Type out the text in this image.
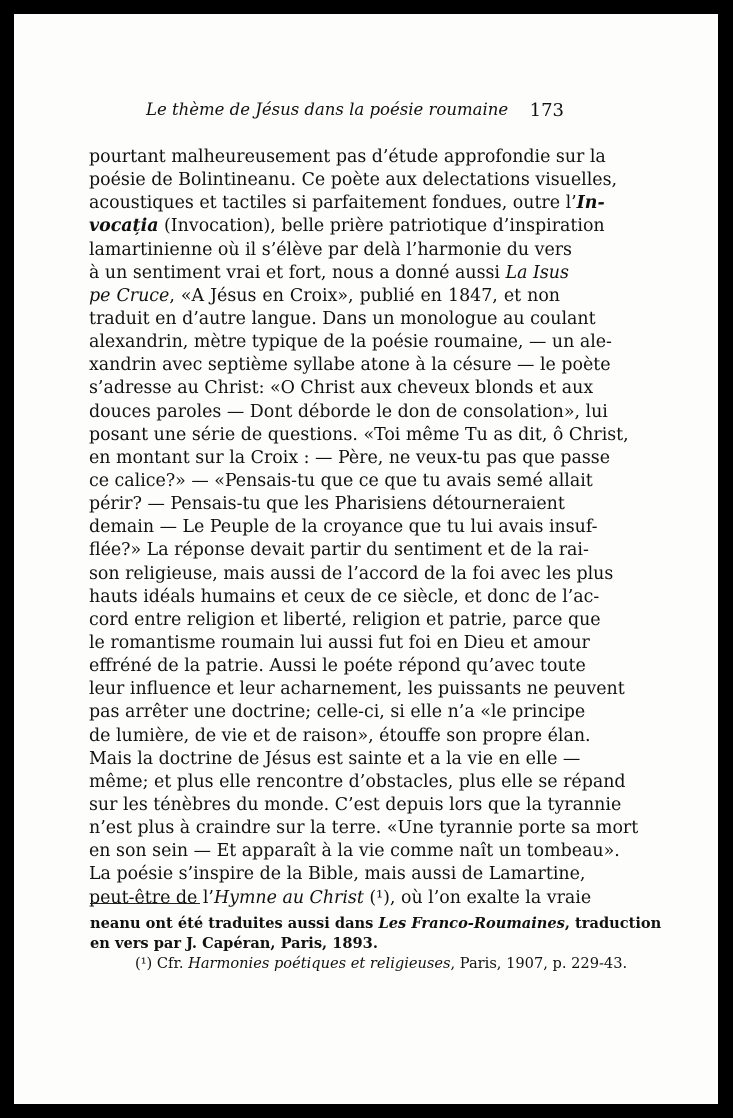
Le thème de Jésus dans la poésie roumaine 173
pourtant malheureusement pas d’étude approfondie sur la
poésie de Bolintineanu. Ce poète aux delectations visuelles,
acoustiques et tactiles si parfaitement fondues, outre l’In-
vocația (Invocation), belle prière patriotique d’inspiration
lamartinienne où il s’élève par delà l’harmonie du vers
à un sentiment vrai et fort, nous a donné aussi La Isus
pe Cruce, «A Jésus en Croix», publié en 1847, et non
traduit en d’autre langue. Dans un monologue au coulant
alexandrin, mètre typique de la poésie roumaine, — un ale-
xandrin avec septième syllabe atone à la césure — le poète
s’adresse au Christ: «O Christ aux cheveux blonds et aux
douces paroles — Dont déborde le don de consolation», lui
posant une série de questions. «Toi même Tu as dit, ô Christ,
en montant sur la Croix : — Père, ne veux-tu pas que passe
ce calice?» — «Pensais-tu que ce que tu avais semé allait
périr? — Pensais-tu que les Pharisiens détourneraient
demain — Le Peuple de la croyance que tu lui avais insuf-
flée?» La réponse devait partir du sentiment et de la rai-
son religieuse, mais aussi de l’accord de la foi avec les plus
hauts idéals humains et ceux de ce siècle, et donc de l’ac-
cord entre religion et liberté, religion et patrie, parce que
le romantisme roumain lui aussi fut foi en Dieu et amour
effréné de la patrie. Aussi le poéte répond qu’avec toute
leur influence et leur acharnement, les puissants ne peuvent
pas arrêter une doctrine; celle-ci, si elle n’a «le principe
de lumière, de vie et de raison», étouffe son propre élan.
Mais la doctrine de Jésus est sainte et a la vie en elle —
même; et plus elle rencontre d’obstacles, plus elle se répand
sur les ténèbres du monde. C’est depuis lors que la tyrannie
n’est plus à craindre sur la terre. «Une tyrannie porte sa mort
en son sein — Et apparaît à la vie comme naît un tombeau».
La poésie s’inspire de la Bible, mais aussi de Lamartine,
peut-être de l’Hymne au Christ (¹), où l’on exalte la vraie
neanu ont été traduites aussi dans Les Franco-Roumaines, traduction
en vers par J. Capéran, Paris, 1893.
(¹) Cfr. Harmonies poétiques et religieuses, Paris, 1907, p. 229-43.
